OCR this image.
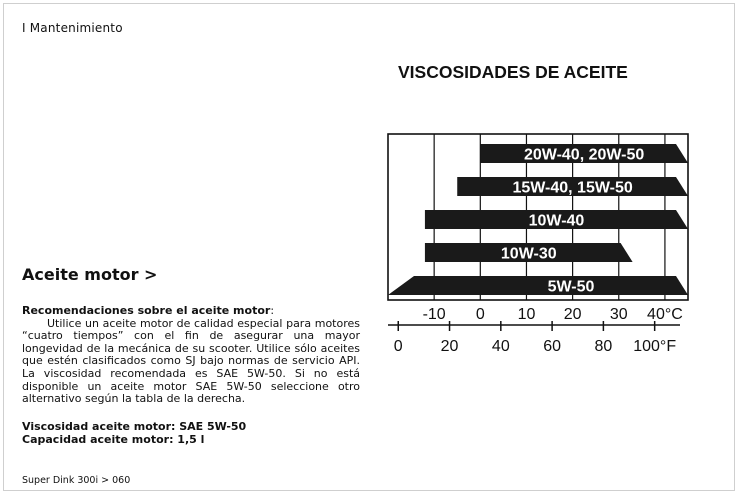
I Mantenimiento
VISCOSIDADES DE ACEITE
Aceite motor >
Recomendaciones sobre el aceite motor:
Utilice un aceite motor de calidad especial para motores “cuatro tiempos” con el fin de asegurar una mayor longevidad de la mecánica de su scooter. Utilice sólo aceites que estén clasificados como SJ bajo normas de servicio API. La viscosidad recomendada es SAE 5W-50. Si no está disponible un aceite motor SAE 5W-50 seleccione otro alternativo según la tabla de la derecha.
Viscosidad aceite motor: SAE 5W-50
Capacidad aceite motor: 1,5 l
Super Dink 300i > 060
20W-40, 20W-50
15W-40, 15W-50
10W-40
10W-30
5W-50
-10 0 10 20 30 40°C
0 20 40 60 80 100°F
